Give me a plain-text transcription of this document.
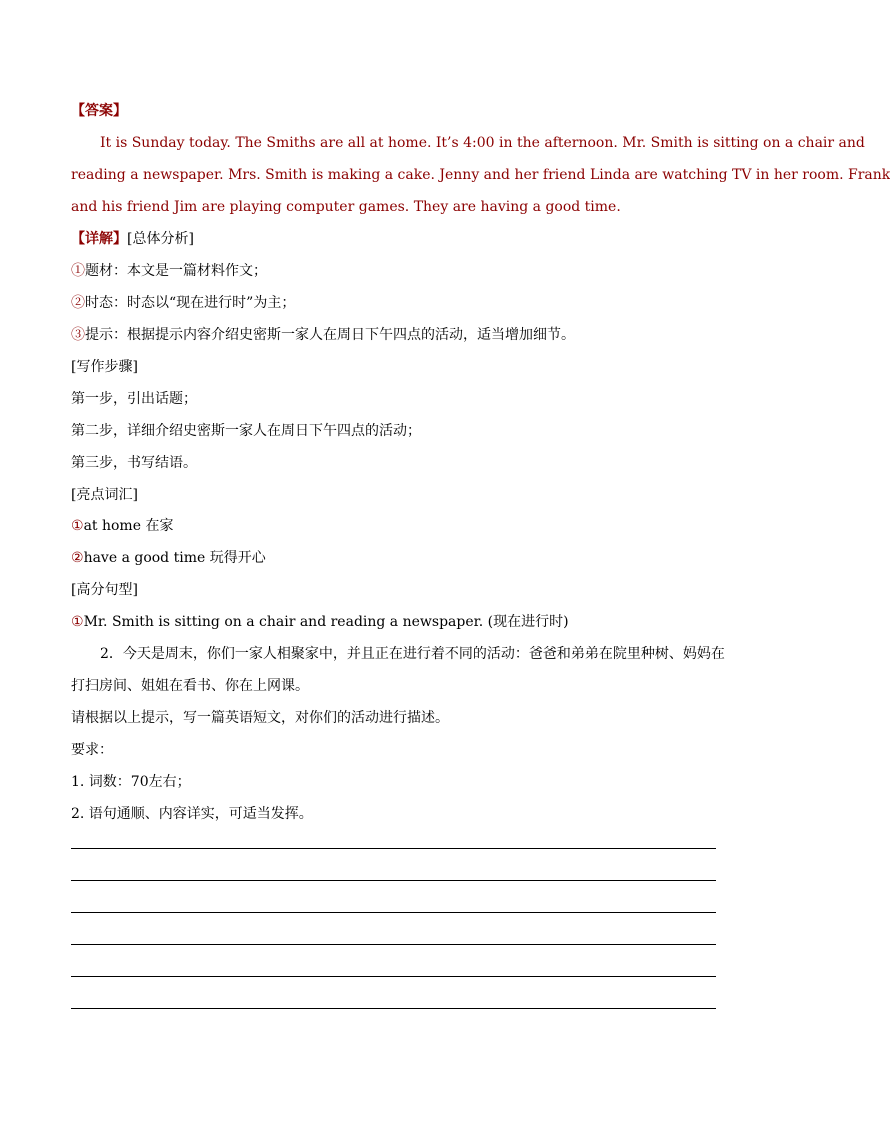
【答案】
It is Sunday today. The Smiths are all at home. It’s 4:00 in the afternoon. Mr. Smith is sitting on a chair and
reading a newspaper. Mrs. Smith is making a cake. Jenny and her friend Linda are watching TV in her room. Frank
and his friend Jim are playing computer games. They are having a good time.
【详解】[总体分析]
①题材：本文是一篇材料作文；
②时态：时态以“现在进行时”为主；
③提示：根据提示内容介绍史密斯一家人在周日下午四点的活动，适当增加细节。
[写作步骤]
第一步，引出话题；
第二步，详细介绍史密斯一家人在周日下午四点的活动；
第三步，书写结语。
[亮点词汇]
①at home 在家
②have a good time 玩得开心
[高分句型]
①Mr. Smith is sitting on a chair and reading a newspaper. (现在进行时)
2．今天是周末，你们一家人相聚家中，并且正在进行着不同的活动：爸爸和弟弟在院里种树、妈妈在
打扫房间、姐姐在看书、你在上网课。
请根据以上提示，写一篇英语短文，对你们的活动进行描述。
要求：
1. 词数：70左右；
2. 语句通顺、内容详实，可适当发挥。
